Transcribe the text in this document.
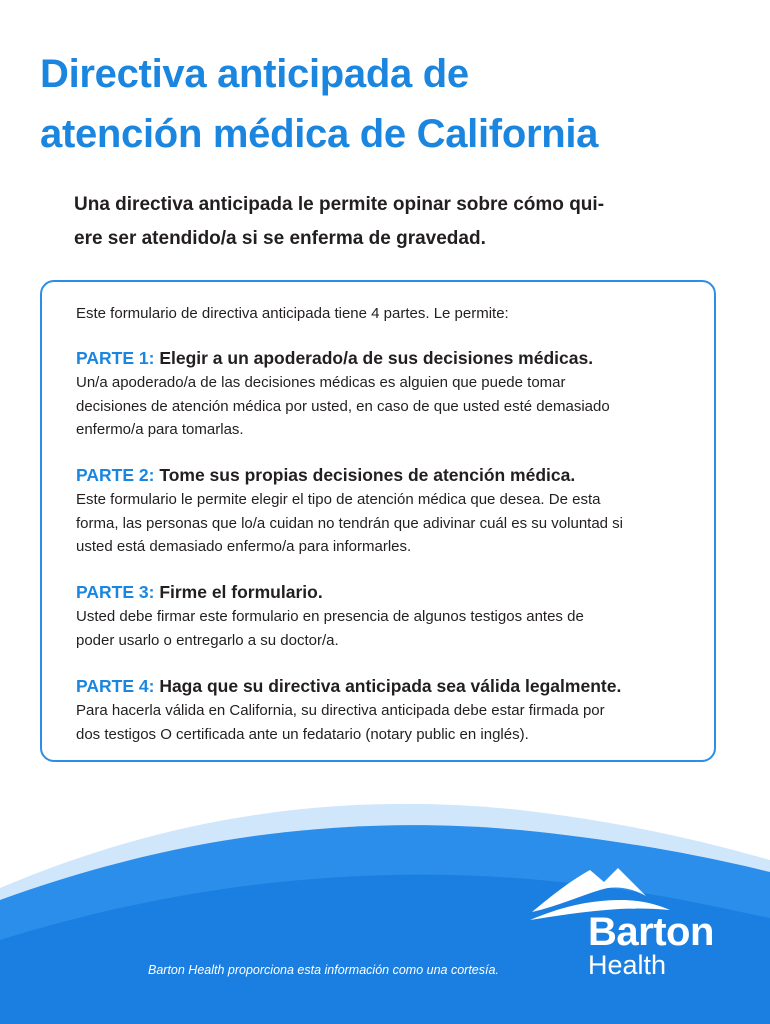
Directiva anticipada de
atención médica de California

Una directiva anticipada le permite opinar sobre cómo qui-
ere ser atendido/a si se enferma de gravedad.

Este formulario de directiva anticipada tiene 4 partes. Le permite:

PARTE 1: Elegir a un apoderado/a de sus decisiones médicas.

Un/a apoderado/a de las decisiones médicas es alguien que puede tomar
decisiones de atención médica por usted, en caso de que usted esté demasiado
enfermo/a para tomarlas.

PARTE 2: Tome sus propias decisiones de atención médica.

Este formulario le permite elegir el tipo de atención médica que desea. De esta
forma, las personas que lo/a cuidan no tendrán que adivinar cuál es su voluntad si
usted está demasiado enfermo/a para informarles.

PARTE 3: Firme el formulario.

Usted debe firmar este formulario en presencia de algunos testigos antes de
poder usarlo o entregarlo a su doctor/a.

PARTE 4: Haga que su directiva anticipada sea válida legalmente.

Para hacerla válida en California, su directiva anticipada debe estar firmada por
dos testigos O certificada ante un fedatario (notary public en inglés).

Barton Health proporciona esta información como una cortesía.
Barton
Health
